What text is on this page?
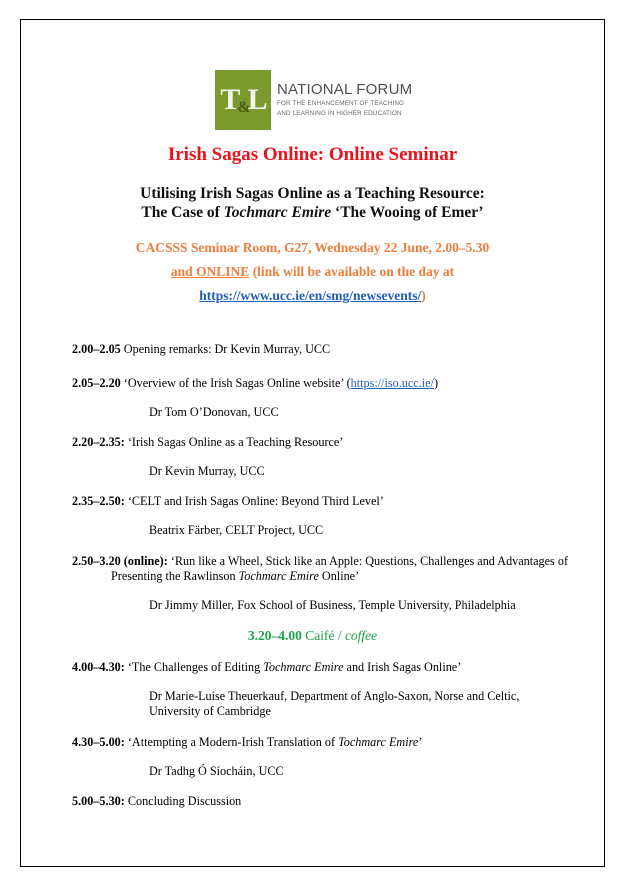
T&L NATIONAL FORUM
FOR THE ENHANCEMENT OF TEACHING
AND LEARNING IN HIGHER EDUCATION
Irish Sagas Online: Online Seminar
Utilising Irish Sagas Online as a Teaching Resource:
The Case of Tochmarc Emire ‘The Wooing of Emer’
CACSSS Seminar Room, G27, Wednesday 22 June, 2.00–5.30
and ONLINE (link will be available on the day at
https://www.ucc.ie/en/smg/newsevents/)
2.00–2.05 Opening remarks: Dr Kevin Murray, UCC
2.05–2.20 ‘Overview of the Irish Sagas Online website’ (https://iso.ucc.ie/)
Dr Tom O’Donovan, UCC
2.20–2.35: ‘Irish Sagas Online as a Teaching Resource’
Dr Kevin Murray, UCC
2.35–2.50: ‘CELT and Irish Sagas Online: Beyond Third Level’
Beatrix Färber, CELT Project, UCC
2.50–3.20 (online): ‘Run like a Wheel, Stick like an Apple: Questions, Challenges and Advantages of Presenting the Rawlinson Tochmarc Emire Online’
Dr Jimmy Miller, Fox School of Business, Temple University, Philadelphia
4.00–4.30: ‘The Challenges of Editing Tochmarc Emire and Irish Sagas Online’
Dr Marie-Luise Theuerkauf, Department of Anglo-Saxon, Norse and Celtic, University of Cambridge
4.30–5.00: ‘Attempting a Modern-Irish Translation of Tochmarc Emire’
Dr Tadhg Ó Síocháin, UCC
5.00–5.30: Concluding Discussion
3.20–4.00 Caifé / coffee
